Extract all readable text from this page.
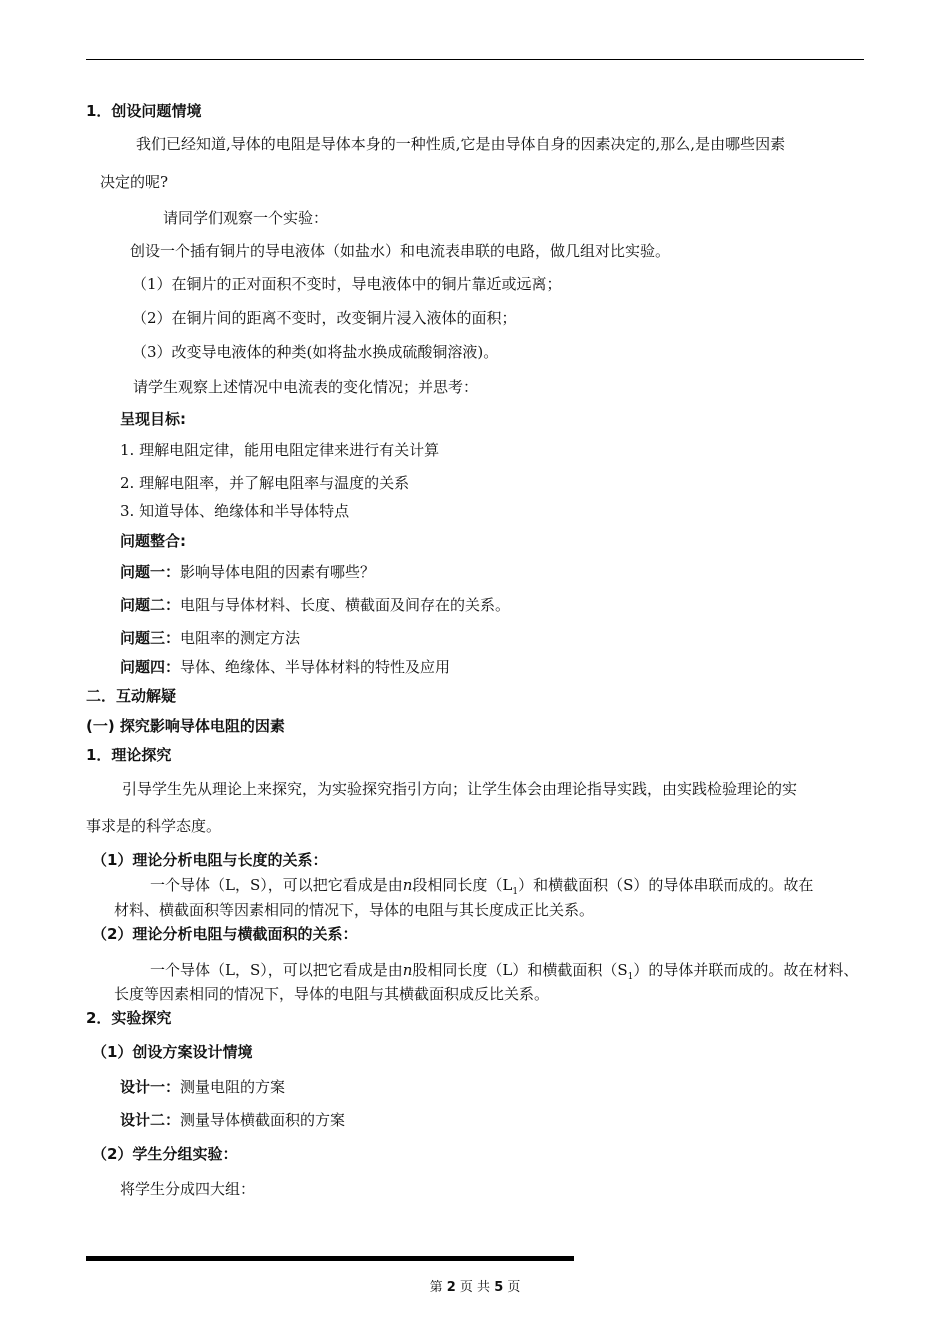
1．创设问题情境
我们已经知道,导体的电阻是导体本身的一种性质,它是由导体自身的因素决定的,那么,是由哪些因素
决定的呢?
请同学们观察一个实验：
创设一个插有铜片的导电液体（如盐水）和电流表串联的电路，做几组对比实验。
（1）在铜片的正对面积不变时，导电液体中的铜片靠近或远离；
（2）在铜片间的距离不变时，改变铜片浸入液体的面积；
（3）改变导电液体的种类(如将盐水换成硫酸铜溶液)。
请学生观察上述情况中电流表的变化情况；并思考：
呈现目标:
1. 理解电阻定律，能用电阻定律来进行有关计算
2. 理解电阻率，并了解电阻率与温度的关系
3. 知道导体、绝缘体和半导体特点
问题整合:
问题一：影响导体电阻的因素有哪些？
问题二：电阻与导体材料、长度、横截面及间存在的关系。
问题三：电阻率的测定方法
问题四：导体、绝缘体、半导体材料的特性及应用
二．互动解疑
(一) 探究影响导体电阻的因素
1．理论探究
引导学生先从理论上来探究，为实验探究指引方向；让学生体会由理论指导实践，由实践检验理论的实
事求是的科学态度。
（1）理论分析电阻与长度的关系：
一个导体（L，S），可以把它看成是由n段相同长度$(L_1)$和横截面积（S）的导体串联而成的。故在
材料、横截面积等因素相同的情况下，导体的电阻与其长度成正比关系。
（2）理论分析电阻与横截面积的关系：
一个导体（L，S），可以把它看成是由n股相同长度（L）和横截面积$(S_1)$的导体并联而成的。故在材料、
长度等因素相同的情况下，导体的电阻与其横截面积成反比关系。
2．实验探究
（1）创设方案设计情境
设计一：测量电阻的方案
设计二：测量导体横截面积的方案
（2）学生分组实验：
将学生分成四大组：
第 2 页 共 5 页
